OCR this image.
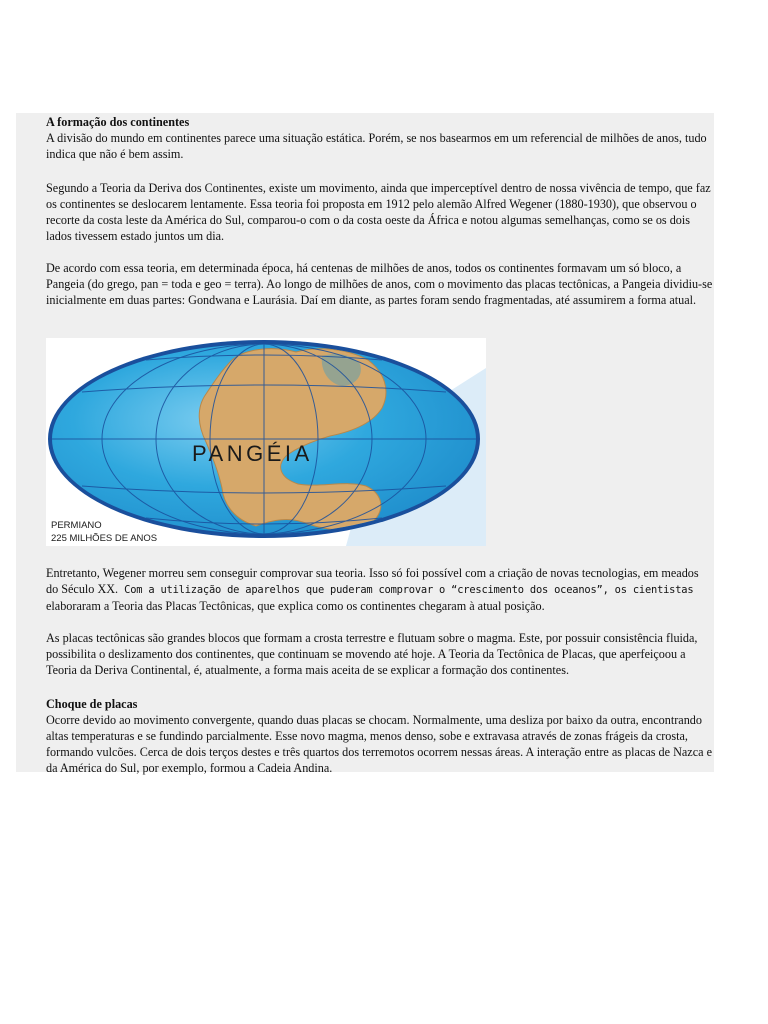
A formação dos continentes

A divisão do mundo em continentes parece uma situação estática. Porém, se nos basearmos em um referencial de milhões de anos, tudo indica que não é bem assim.

Segundo a Teoria da Deriva dos Continentes, existe um movimento, ainda que imperceptível dentro de nossa vivência de tempo, que faz os continentes se deslocarem lentamente. Essa teoria foi proposta em 1912 pelo alemão Alfred Wegener (1880-1930), que observou o recorte da costa leste da América do Sul, comparou-o com o da costa oeste da África e notou algumas semelhanças, como se os dois lados tivessem estado juntos um dia.

De acordo com essa teoria, em determinada época, há centenas de milhões de anos, todos os continentes formavam um só bloco, a Pangeia (do grego, pan = toda e geo = terra). Ao longo de milhões de anos, com o movimento das placas tectônicas, a Pangeia dividiu-se inicialmente em duas partes: Gondwana e Laurásia. Daí em diante, as partes foram sendo fragmentadas, até assumirem a forma atual.

PANGÉIA
PERMIANO
225 MILHÕES DE ANOS

Entretanto, Wegener morreu sem conseguir comprovar sua teoria. Isso só foi possível com a criação de novas tecnologias, em meados do Século XX. Com a utilização de aparelhos que puderam comprovar o “crescimento dos oceanos”, os cientistas elaboraram a Teoria das Placas Tectônicas, que explica como os continentes chegaram à atual posição.

As placas tectônicas são grandes blocos que formam a crosta terrestre e flutuam sobre o magma. Este, por possuir consistência fluida, possibilita o deslizamento dos continentes, que continuam se movendo até hoje. A Teoria da Tectônica de Placas, que aperfeiçoou a Teoria da Deriva Continental, é, atualmente, a forma mais aceita de se explicar a formação dos continentes.

Choque de placas

Ocorre devido ao movimento convergente, quando duas placas se chocam. Normalmente, uma desliza por baixo da outra, encontrando altas temperaturas e se fundindo parcialmente. Esse novo magma, menos denso, sobe e extravasa através de zonas frágeis da crosta, formando vulcões. Cerca de dois terços destes e três quartos dos terremotos ocorrem nessas áreas. A interação entre as placas de Nazca e da América do Sul, por exemplo, formou a Cadeia Andina.
